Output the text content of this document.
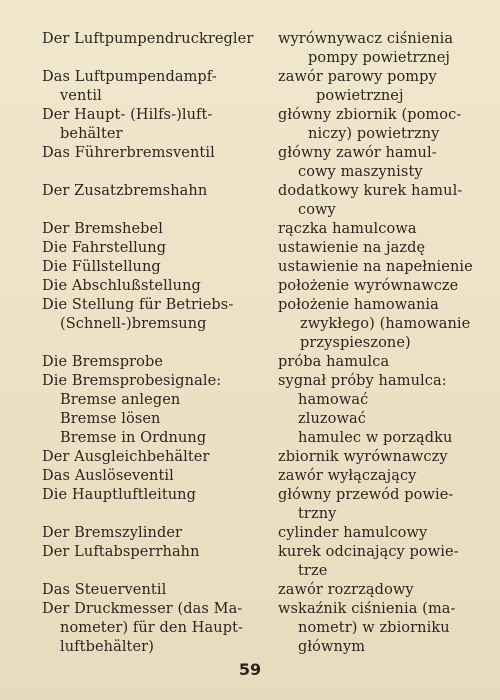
Der Luftpumpendruckregler
Das Luftpumpendampf-
ventil
Der Haupt- (Hilfs-)luft-
behälter
Das Führerbremsventil
Der Zusatzbremshahn
Der Bremshebel
Die Fahrstellung
Die Füllstellung
Die Abschlußstellung
Die Stellung für Betriebs-
(Schnell-)bremsung
Die Bremsprobe
Die Bremsprobesignale:
Bremse anlegen
Bremse lösen
Bremse in Ordnung
Der Ausgleichbehälter
Das Auslöseventil
Die Hauptluftleitung
Der Bremszylinder
Der Luftabsperrhahn
Das Steuerventil
Der Druckmesser (das Ma-
nometer) für den Haupt-
luftbehälter)
wyrównywacz ciśnienia
pompy powietrznej
zawór parowy pompy
powietrznej
główny zbiornik (pomoc-
niczy) powietrzny
główny zawór hamul-
cowy maszynisty
dodatkowy kurek hamul-
cowy
rączka hamulcowa
ustawienie na jazdę
ustawienie na napełnienie
położenie wyrównawcze
położenie hamowania
zwykłego) (hamowanie
przyspieszone)
próba hamulca
sygnał próby hamulca:
hamować
zluzować
hamulec w porządku
zbiornik wyrównawczy
zawór wyłączający
główny przewód powie-
trzny
cylinder hamulcowy
kurek odcinający powie-
trze
zawór rozrządowy
wskaźnik ciśnienia (ma-
nometr) w zbiorniku
głównym
59
